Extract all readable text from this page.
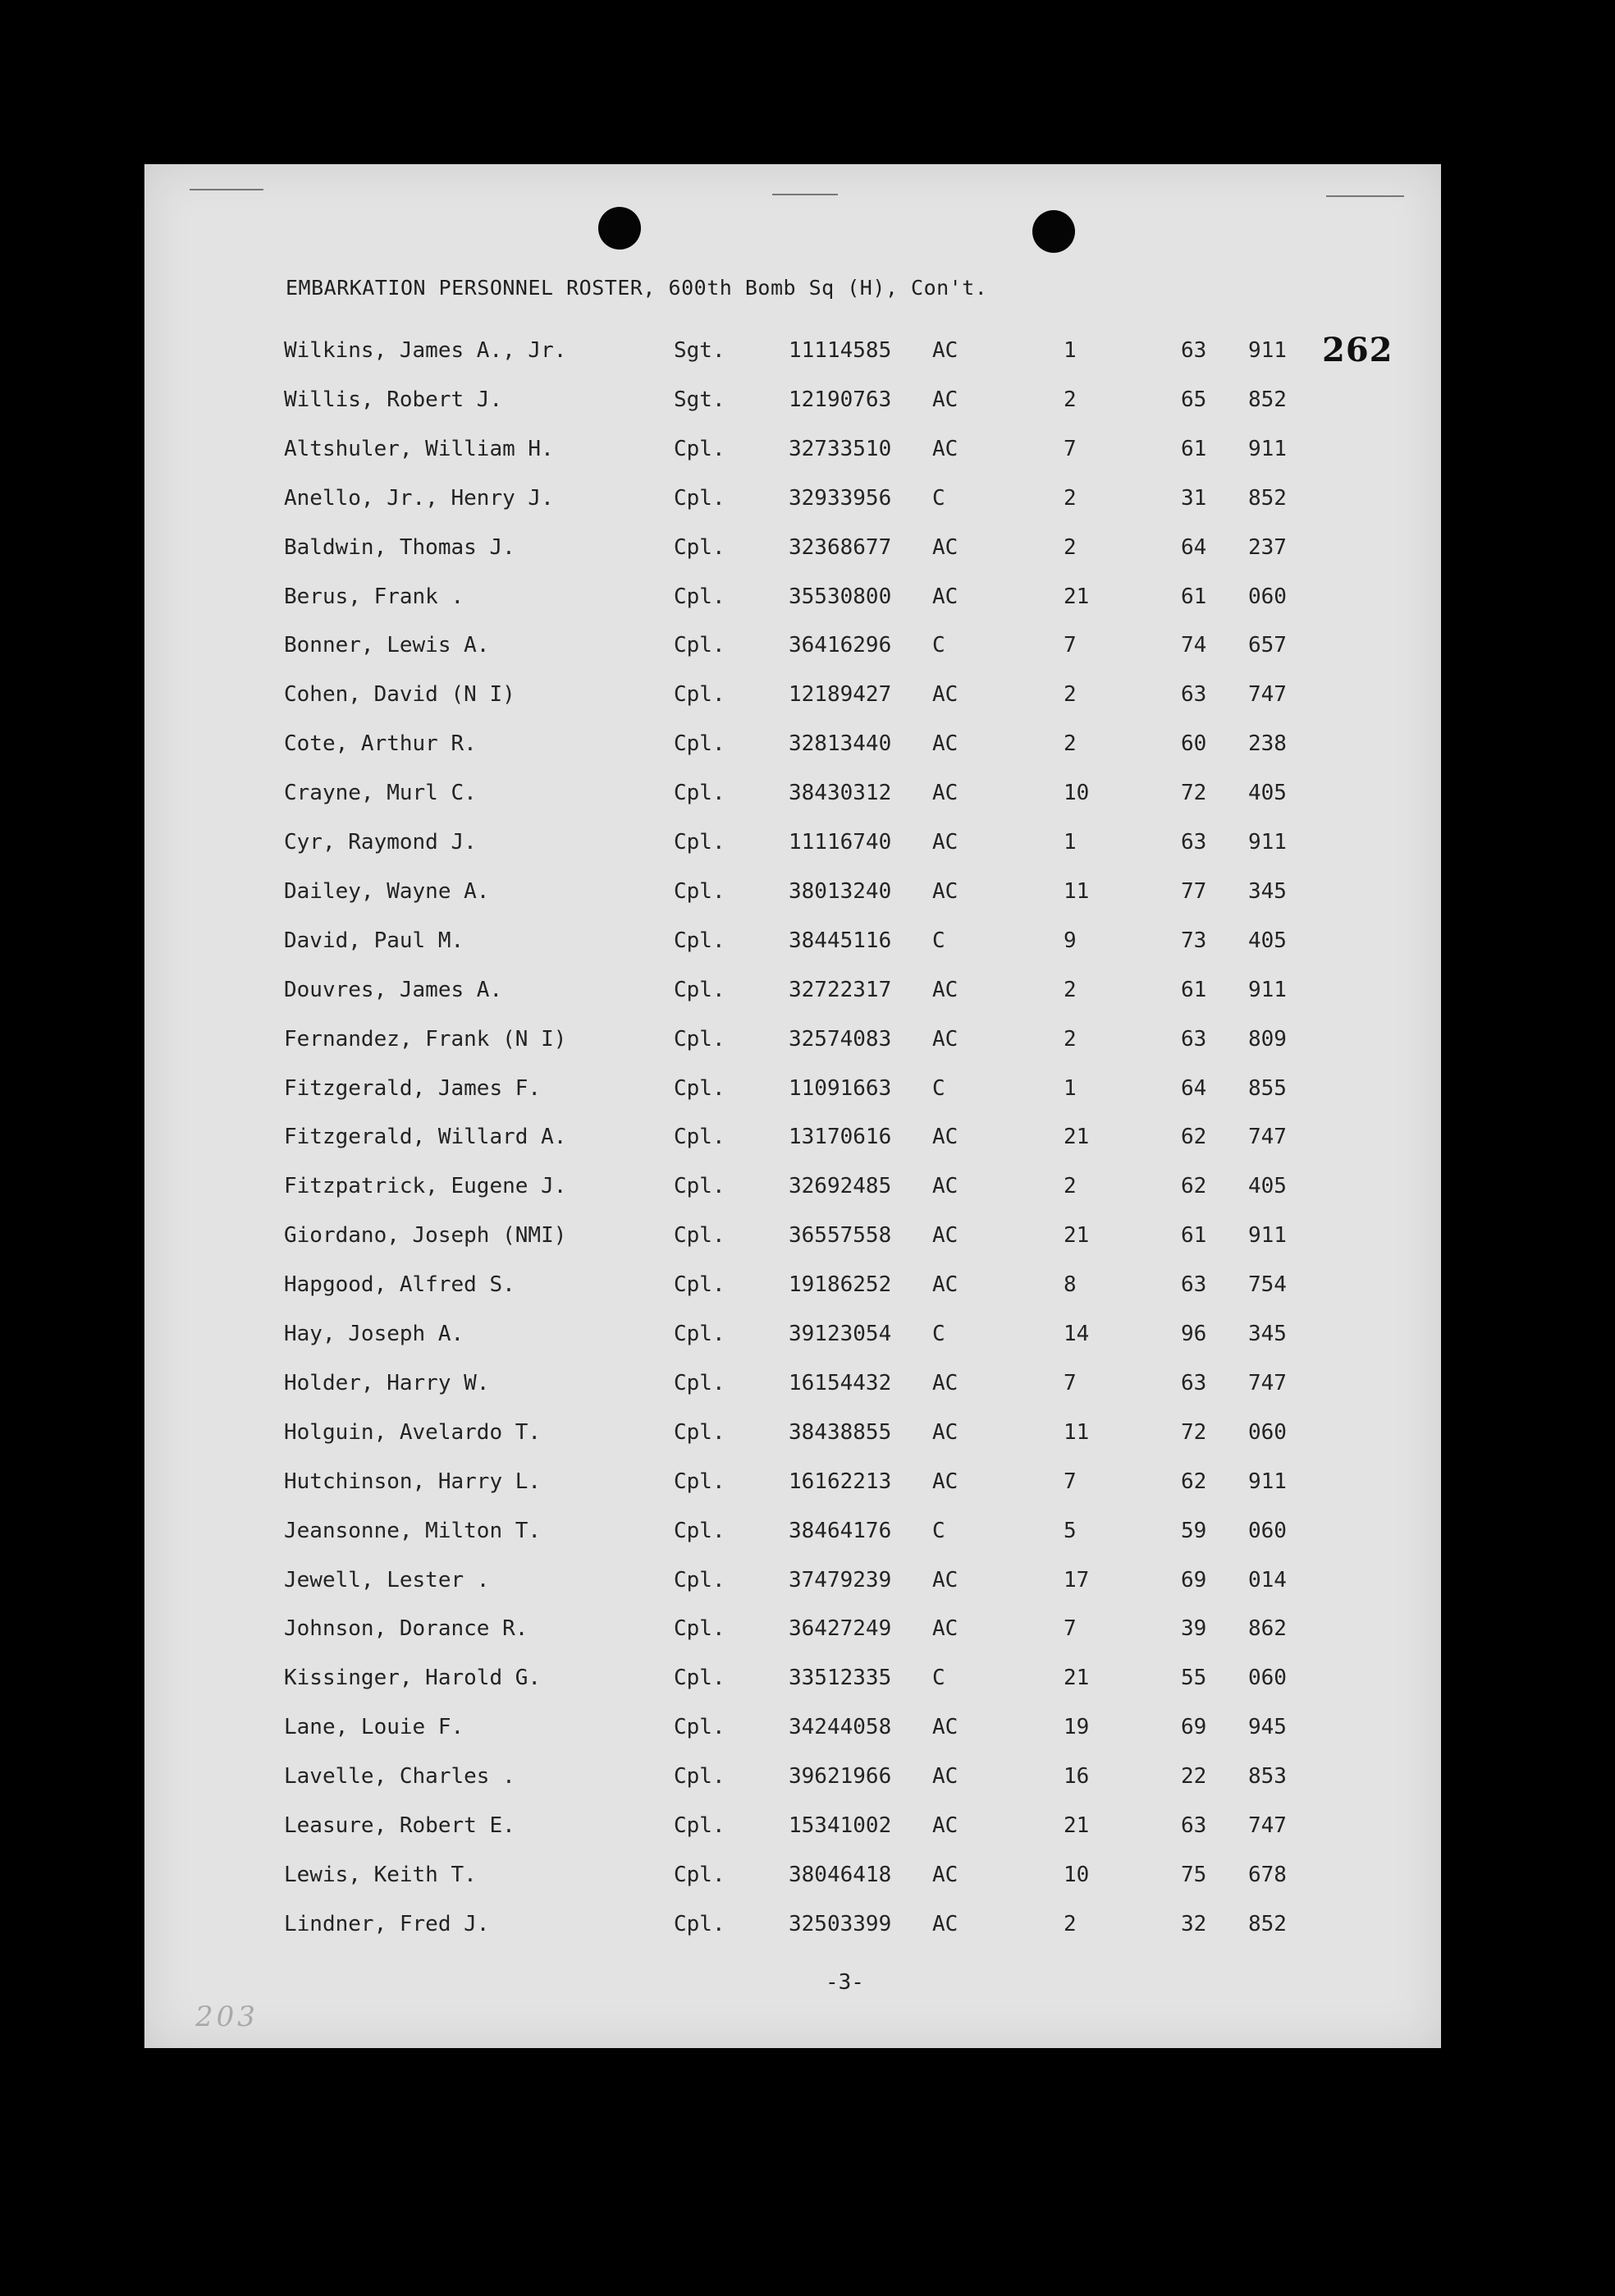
EMBARKATION PERSONNEL ROSTER, 600th Bomb Sq (H), Con't.
262
Wilkins, James A., Jr.	Sgt.	11114585 AC	1	63 911
Willis, Robert J.	Sgt.	12190763 AC	2	65 852
Altshuler, William H.	Cpl.	32733510 AC	7	61 911
Anello, Jr., Henry J.	Cpl.	32933956 C	2	31 852
Baldwin, Thomas J.	Cpl.	32368677 AC	2	64 237
Berus, Frank .	Cpl.	35530800 AC	21	61 060
Bonner, Lewis A.	Cpl.	36416296 C	7	74 657
Cohen, David (N I)	Cpl.	12189427 AC	2	63 747
Cote, Arthur R.	Cpl.	32813440 AC	2	60 238
Crayne, Murl C.	Cpl.	38430312 AC	10	72 405
Cyr, Raymond J.	Cpl.	11116740 AC	1	63 911
Dailey, Wayne A.	Cpl.	38013240 AC	11	77 345
David, Paul M.	Cpl.	38445116 C	9	73 405
Douvres, James A.	Cpl.	32722317 AC	2	61 911
Fernandez, Frank (N I)	Cpl.	32574083 AC	2	63 809
Fitzgerald, James F.	Cpl.	11091663 C	1	64 855
Fitzgerald, Willard A.	Cpl.	13170616 AC	21	62 747
Fitzpatrick, Eugene J.	Cpl.	32692485 AC	2	62 405
Giordano, Joseph (NMI)	Cpl.	36557558 AC	21	61 911
Hapgood, Alfred S.	Cpl.	19186252 AC	8	63 754
Hay, Joseph A.	Cpl.	39123054 C	14	96 345
Holder, Harry W.	Cpl.	16154432 AC	7	63 747
Holguin, Avelardo T.	Cpl.	38438855 AC	11	72 060
Hutchinson, Harry L.	Cpl.	16162213 AC	7	62 911
Jeansonne, Milton T.	Cpl.	38464176 C	5	59 060
Jewell, Lester .	Cpl.	37479239 AC	17	69 014
Johnson, Dorance R.	Cpl.	36427249 AC	7	39 862
Kissinger, Harold G.	Cpl.	33512335 C	21	55 060
Lane, Louie F.	Cpl.	34244058 AC	19	69 945
Lavelle, Charles .	Cpl.	39621966 AC	16	22 853
Leasure, Robert E.	Cpl.	15341002 AC	21	63 747
Lewis, Keith T.	Cpl.	38046418 AC	10	75 678
Lindner, Fred J.	Cpl.	32503399 AC	2	32 852
-3-
203
